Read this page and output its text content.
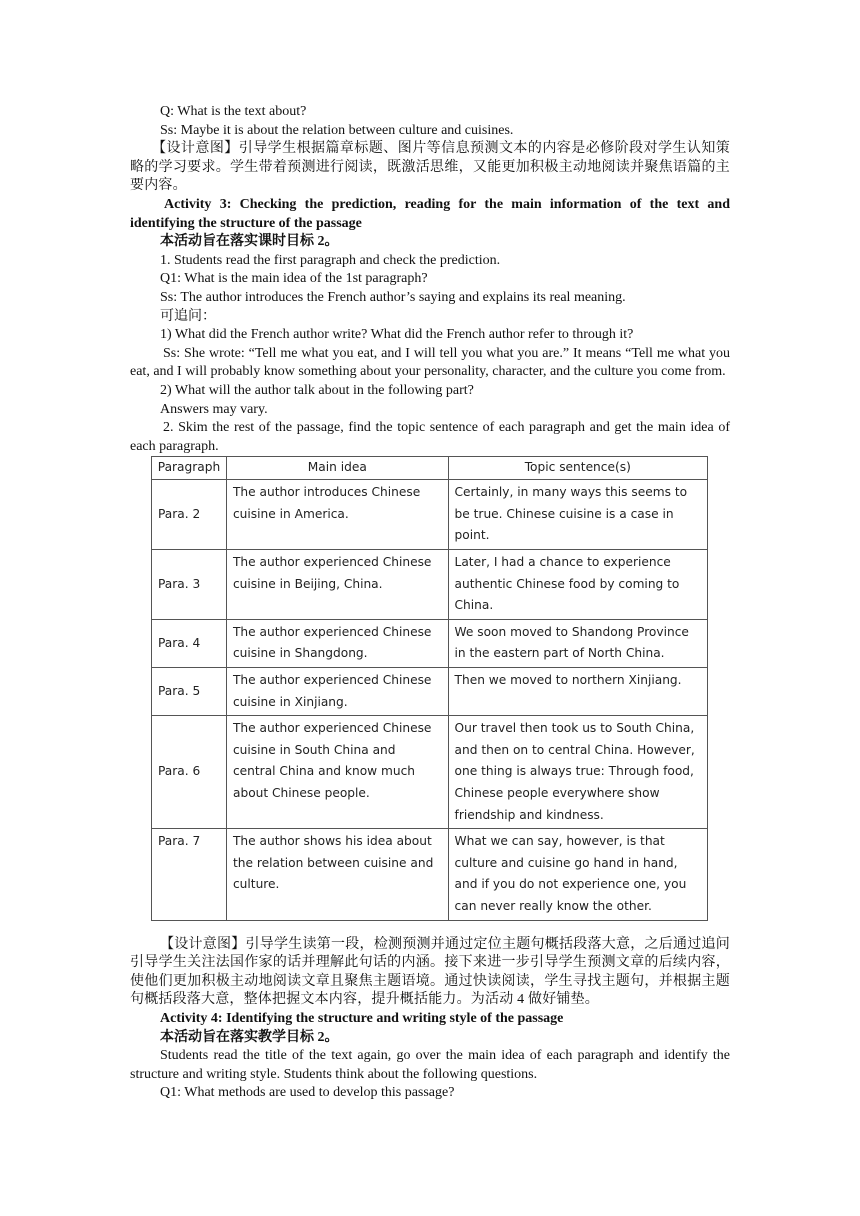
Q: What is the text about?

Ss: Maybe it is about the relation between culture and cuisines.

【设计意图】引导学生根据篇章标题、图片等信息预测文本的内容是必修阶段对学生认知策略的学习要求。学生带着预测进行阅读，既激活思维，又能更加积极主动地阅读并聚焦语篇的主要内容。

Activity 3: Checking the prediction, reading for the main information of the text and identifying the structure of the passage

本活动旨在落实课时目标 2。

1. Students read the first paragraph and check the prediction.

Q1: What is the main idea of the 1st paragraph?

Ss: The author introduces the French author’s saying and explains its real meaning.

可追问：

1) What did the French author write? What did the French author refer to through it?

Ss: She wrote: “Tell me what you eat, and I will tell you what you are.” It means “Tell me what you eat, and I will probably know something about your personality, character, and the culture you come from.

2) What will the author talk about in the following part?

Answers may vary.

2. Skim the rest of the passage, find the topic sentence of each paragraph and get the main idea of each paragraph.

Paragraph	Main idea	Topic sentence(s)
Para. 2	The author introduces Chinese cuisine in America.	Certainly, in many ways this seems to be true. Chinese cuisine is a case in point.
Para. 3	The author experienced Chinese cuisine in Beijing, China.	Later, I had a chance to experience authentic Chinese food by coming to China.
Para. 4	The author experienced Chinese cuisine in Shangdong.	We soon moved to Shandong Province in the eastern part of North China.
Para. 5	The author experienced Chinese cuisine in Xinjiang.	Then we moved to northern Xinjiang.
Para. 6	The author experienced Chinese cuisine in South China and central China and know much about Chinese people.	Our travel then took us to South China, and then on to central China. However, one thing is always true: Through food, Chinese people everywhere show friendship and kindness.
Para. 7	The author shows his idea about the relation between cuisine and culture.	What we can say, however, is that culture and cuisine go hand in hand, and if you do not experience one, you can never really know the other.

【设计意图】引导学生读第一段，检测预测并通过定位主题句概括段落大意，之后通过追问引导学生关注法国作家的话并理解此句话的内涵。接下来进一步引导学生预测文章的后续内容，使他们更加积极主动地阅读文章且聚焦主题语境。通过快读阅读，学生寻找主题句，并根据主题句概括段落大意，整体把握文本内容，提升概括能力。为活动 4 做好铺垫。

Activity 4: Identifying the structure and writing style of the passage

本活动旨在落实教学目标 2。

Students read the title of the text again, go over the main idea of each paragraph and identify the structure and writing style. Students think about the following questions.

Q1: What methods are used to develop this passage?
